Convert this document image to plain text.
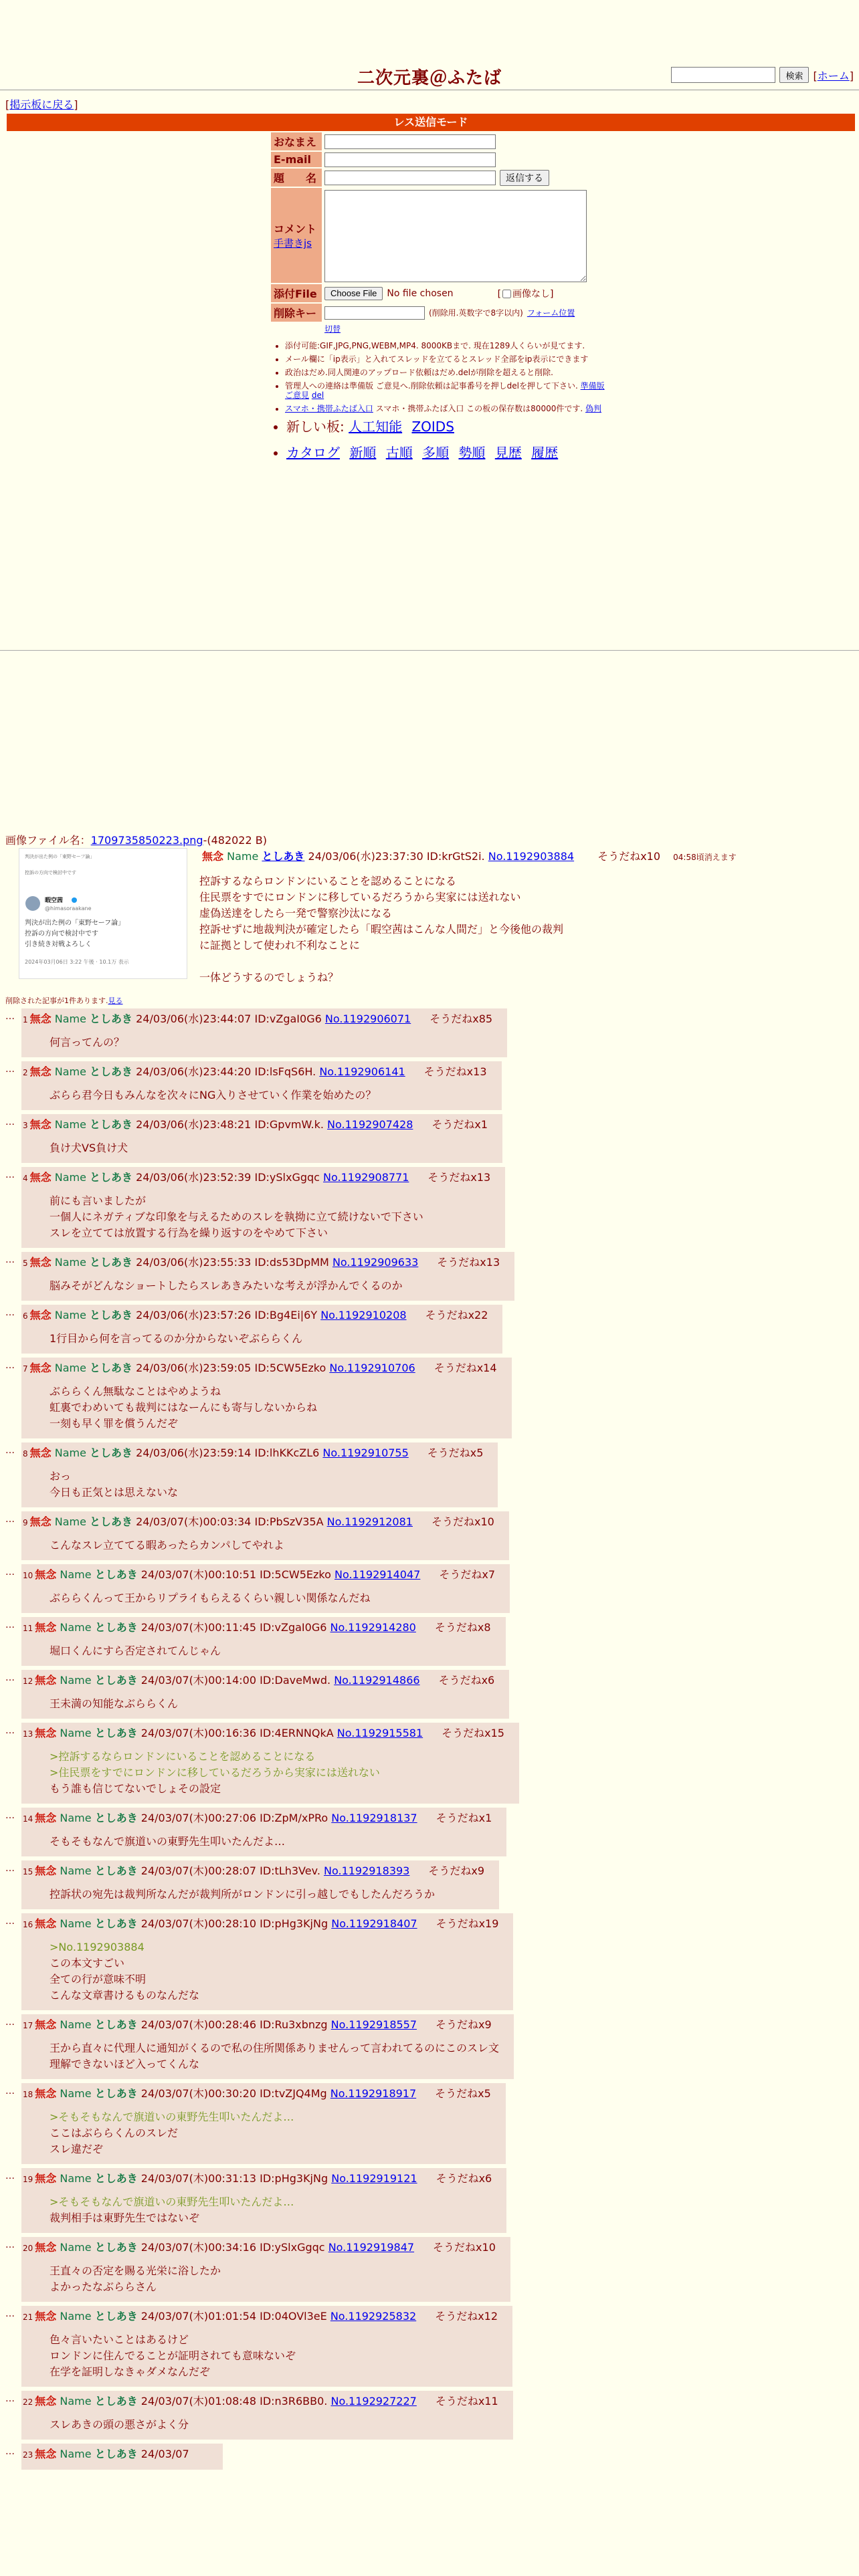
二次元裏＠ふたば	検索 [ホーム]
[掲示板に戻る]
レス送信モード
おなまえ
E-mail
題　　名	返信する
コメント
手書きjs
添付File	Choose File	No file chosen	[ 画像なし]
削除キー	(削除用.英数字で8字以内) フォーム位置
切替
• 添付可能:GIF,JPG,PNG,WEBM,MP4. 8000KBまで. 現在1289人くらいが見てます.
• メール欄に「ip表示」と入れてスレッドを立てるとスレッド全部をip表示にできます
• 政治はだめ.同人関連のアップロード依頼はだめ.delが削除を超えると削除.
• 管理人への連絡は準備版 ご意見へ.削除依頼は記事番号を押しdelを押して下さい. 準備版 ご意見 del
• スマホ・携帯ふたば入口 スマホ・携帯ふたば入口 この板の保存数は80000件です. 偽判
• 新しい板: 人工知能 ZOIDS
• カタログ 新順 古順 多順 勢順 見歴 履歴
画像ファイル名：1709735850223.png-(482022 B)
判決が出た例の「東野セーフ論」
控訴の方向で検討中です
暇空茜
@himasoraakane
判決が出た例の「東野セーフ論」
控訴の方向で検討中です
引き続き対戦よろしく
2024年03月06日 3:22 午後 · 10.1万 表示
無念 Name としあき 24/03/06(水)23:37:30 ID:krGtS2i. No.1192903884 そうだねx10 04:58頃消えます
控訴するならロンドンにいることを認めることになる
住民票をすでにロンドンに移しているだろうから実家には送れない
虚偽送達をしたら一発で警察沙汰になる
控訴せずに地裁判決が確定したら「暇空茜はこんな人間だ」と今後他の裁判
に証拠として使われ不利なことに
一体どうするのでしょうね？
削除された記事が1件あります.見る
…	1 無念 Name としあき 24/03/06(水)23:44:07 ID:vZgaI0G6 No.1192906071 そうだねx85
何言ってんの？
…	2 無念 Name としあき 24/03/06(水)23:44:20 ID:lsFqS6H. No.1192906141 そうだねx13
ぶらら君今日もみんなを次々にNG入りさせていく作業を始めたの？
…	3 無念 Name としあき 24/03/06(水)23:48:21 ID:GpvmW.k. No.1192907428 そうだねx1
負け犬VS負け犬
…	4 無念 Name としあき 24/03/06(水)23:52:39 ID:ySlxGgqc No.1192908771 そうだねx13
前にも言いましたが
一個人にネガティブな印象を与えるためのスレを執拗に立て続けないで下さい
スレを立てては放置する行為を繰り返すのをやめて下さい
…	5 無念 Name としあき 24/03/06(水)23:55:33 ID:ds53DpMM No.1192909633 そうだねx13
脳みそがどんなショートしたらスレあきみたいな考えが浮かんでくるのか
…	6 無念 Name としあき 24/03/06(水)23:57:26 ID:Bg4Ei|6Y No.1192910208 そうだねx22
1行目から何を言ってるのか分からないぞぶららくん
…	7 無念 Name としあき 24/03/06(水)23:59:05 ID:5CW5Ezko No.1192910706 そうだねx14
ぶららくん無駄なことはやめようね
虹裏でわめいても裁判にはなーんにも寄与しないからね
一刻も早く罪を償うんだぞ
…	8 無念 Name としあき 24/03/06(水)23:59:14 ID:lhKKcZL6 No.1192910755 そうだねx5
おっ
今日も正気とは思えないな
…	9 無念 Name としあき 24/03/07(木)00:03:34 ID:PbSzV35A No.1192912081 そうだねx10
こんなスレ立ててる暇あったらカンパしてやれよ
…	10 無念 Name としあき 24/03/07(木)00:10:51 ID:5CW5Ezko No.1192914047 そうだねx7
ぶららくんって王からリプライもらえるくらい親しい関係なんだね
…	11 無念 Name としあき 24/03/07(木)00:11:45 ID:vZgaI0G6 No.1192914280 そうだねx8
堀口くんにすら否定されてんじゃん
…	12 無念 Name としあき 24/03/07(木)00:14:00 ID:DaveMwd. No.1192914866 そうだねx6
王未満の知能なぶららくん
…	13 無念 Name としあき 24/03/07(木)00:16:36 ID:4ERNNQkA No.1192915581 そうだねx15
>控訴するならロンドンにいることを認めることになる
>住民票をすでにロンドンに移しているだろうから実家には送れない
もう誰も信じてないでしょその設定
…	14 無念 Name としあき 24/03/07(木)00:27:06 ID:ZpM/xPRo No.1192918137 そうだねx1
そもそもなんで旗道いの東野先生叩いたんだよ…
…	15 無念 Name としあき 24/03/07(木)00:28:07 ID:tLh3Vev. No.1192918393 そうだねx9
控訴状の宛先は裁判所なんだが裁判所がロンドンに引っ越しでもしたんだろうか
…	16 無念 Name としあき 24/03/07(木)00:28:10 ID:pHg3KjNg No.1192918407 そうだねx19
>No.1192903884
この本文すごい
全ての行が意味不明
こんな文章書けるものなんだな
…	17 無念 Name としあき 24/03/07(木)00:28:46 ID:Ru3xbnzg No.1192918557 そうだねx9
王から直々に代理人に通知がくるので私の住所関係ありませんって言われてるのにこのスレ文
理解できないほど入ってくんな
…	18 無念 Name としあき 24/03/07(木)00:30:20 ID:tvZJQ4Mg No.1192918917 そうだねx5
>そもそもなんで旗道いの東野先生叩いたんだよ…
ここはぶららくんのスレだ
スレ違だぞ
…	19 無念 Name としあき 24/03/07(木)00:31:13 ID:pHg3KjNg No.1192919121 そうだねx6
>そもそもなんで旗道いの東野先生叩いたんだよ…
裁判相手は東野先生ではないぞ
…	20 無念 Name としあき 24/03/07(木)00:34:16 ID:ySlxGgqc No.1192919847 そうだねx10
王直々の否定を賜る光栄に浴したか
よかったなぶららさん
…	21 無念 Name としあき 24/03/07(木)01:01:54 ID:04OVl3eE No.1192925832 そうだねx12
色々言いたいことはあるけど
ロンドンに住んでることが証明されても意味ないぞ
在学を証明しなきゃダメなんだぞ
…	22 無念 Name としあき 24/03/07(木)01:08:48 ID:n3R6BB0. No.1192927227 そうだねx11
スレあきの頭の悪さがよく分
…	23 無念 Name としあき 24/03/07
